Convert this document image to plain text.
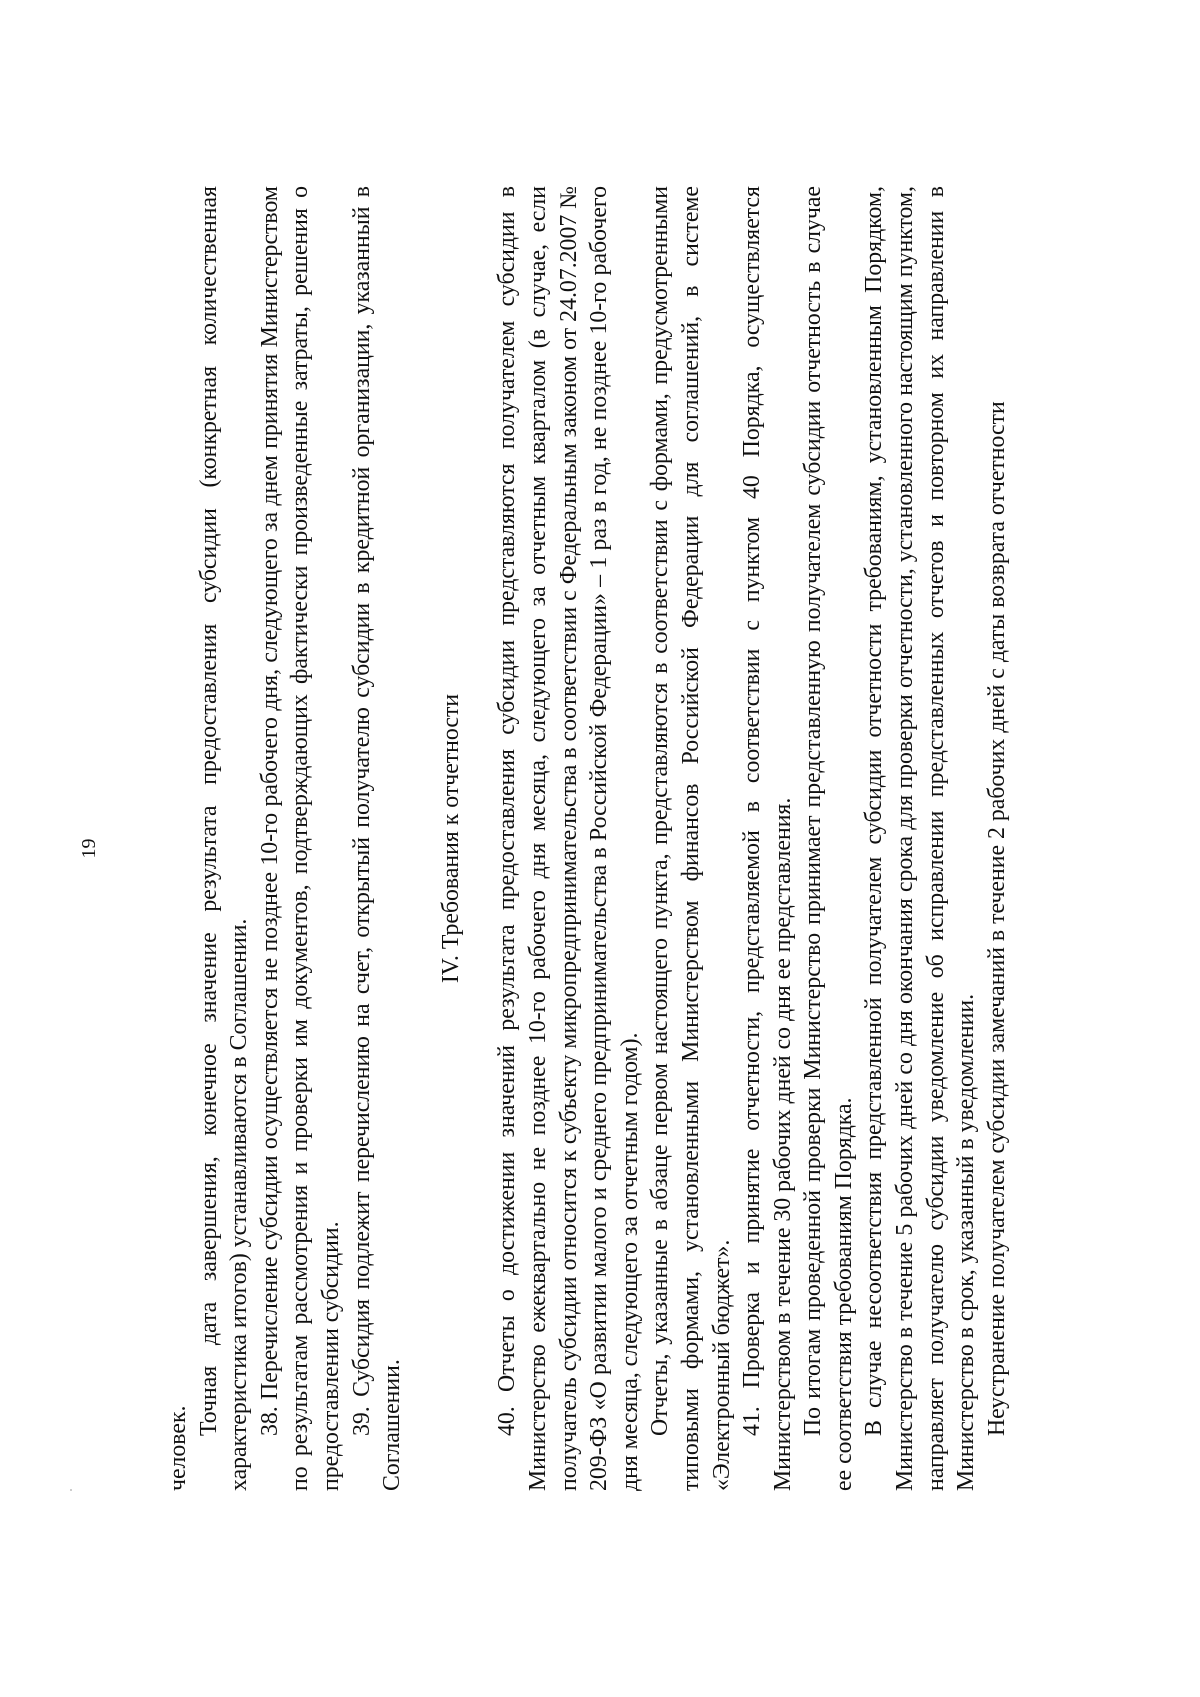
19

человек.

Точная дата завершения, конечное значение результата предоставления субсидии (конкретная количественная характеристика итогов) устанавливаются в Соглашении. 38. Перечисление субсидии осуществляется не позднее 10-го рабочего дня, следующего за днем принятия Министерством по результатам рассмотрения и проверки им документов, подтверждающих фактически произведенные затраты, решения о предоставлении субсидии. 39. Субсидия подлежит перечислению на счет, открытый получателю субсидии в кредитной организации, указанный в Соглашении.

IV. Требования к отчетности 40. Отчеты о достижении значений результата предоставления субсидии представляются получателем субсидии в Министерство ежеквартально не позднее 10-го рабочего дня месяца, следующего за отчетным кварталом (в случае, если получатель субсидии относится к субъекту микропредпринимательства в соответствии с Федеральным законом от 24.07.2007 № 209-ФЗ «О развитии малого и среднего предпринимательства в Российской Федерации» – 1 раз в год, не позднее 10-го рабочего дня месяца, следующего за отчетным годом). Отчеты, указанные в абзаце первом настоящего пункта, представляются в соответствии с формами, предусмотренными типовыми формами, установленными Министерством финансов Российской Федерации для соглашений, в системе «Электронный бюджет». 41. Проверка и принятие отчетности, представляемой в соответствии с пунктом 40 Порядка, осуществляется Министерством в течение 30 рабочих дней со дня ее представления. По итогам проведенной проверки Министерство принимает представленную получателем субсидии отчетность в случае ее соответствия требованиям Порядка. В случае несоответствия представленной получателем субсидии отчетности требованиям, установленным Порядком, Министерство в течение 5 рабочих дней со дня окончания срока для проверки отчетности, установленного настоящим пунктом, направляет получателю субсидии уведомление об исправлении представленных отчетов и повторном их направлении в Министерство в срок, указанный в уведомлении. Неустранение получателем субсидии замечаний в течение 2 рабочих дней с даты возврата отчетности
